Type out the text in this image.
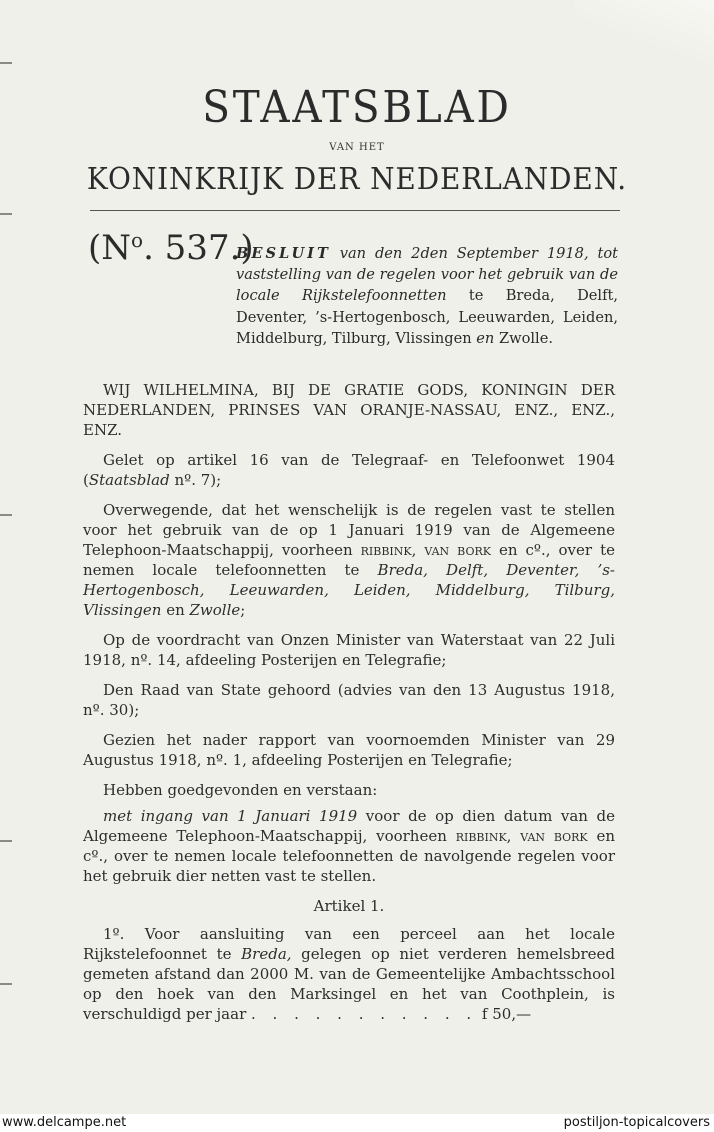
STAATSBLAD
VAN HET
KONINKRIJK DER NEDERLANDEN.
($N^o$. 537.)
BESLUIT van den 2den September 1918, tot vaststelling van de regelen voor het gebruik van de locale Rijkstelefoonnetten te Breda, Delft, Deventer, ’s-Hertogenbosch, Leeuwarden, Leiden, Middelburg, Tilburg, Vlissingen en Zwolle.

WIJ WILHELMINA, BIJ DE GRATIE GODS, KONINGIN DER NEDERLANDEN, PRINSES VAN ORANJE-NASSAU, ENZ., ENZ., ENZ.

Gelet op artikel 16 van de Telegraaf- en Telefoonwet 1904 (Staatsblad nº. 7);

Overwegende, dat het wenschelijk is de regelen vast te stellen voor het gebruik van de op 1 Januari 1919 van de Algemeene Telephoon-Maatschappij, voorheen ribbink, van bork en cº., over te nemen locale telefoonnetten te Breda, Delft, Deventer, ’s-Hertogenbosch, Leeuwarden, Leiden, Middelburg, Tilburg, Vlissingen en Zwolle;

Op de voordracht van Onzen Minister van Waterstaat van 22 Juli 1918, nº. 14, afdeeling Posterijen en Telegrafie;

Den Raad van State gehoord (advies van den 13 Augustus 1918, nº. 30);

Gezien het nader rapport van voornoemden Minister van 29 Augustus 1918, nº. 1, afdeeling Posterijen en Telegrafie;

Hebben goedgevonden en verstaan:

met ingang van 1 Januari 1919 voor de op dien datum van de Algemeene Telephoon-Maatschappij, voorheen ribbink, van bork en cº., over te nemen locale telefoonnetten de navolgende regelen voor het gebruik dier netten vast te stellen.

Artikel 1.

1º. Voor aansluiting van een perceel aan het locale Rijkstelefoonnet te Breda, gelegen op niet verderen hemelsbreed gemeten afstand dan 2000 M. van de Gemeentelijke Ambachtsschool op den hoek van den Marksingel en het van Coothplein, is verschuldigd per jaar . . . . . . . . . . . f 50,—

www.delcampe.net	postiljon-topicalcovers
